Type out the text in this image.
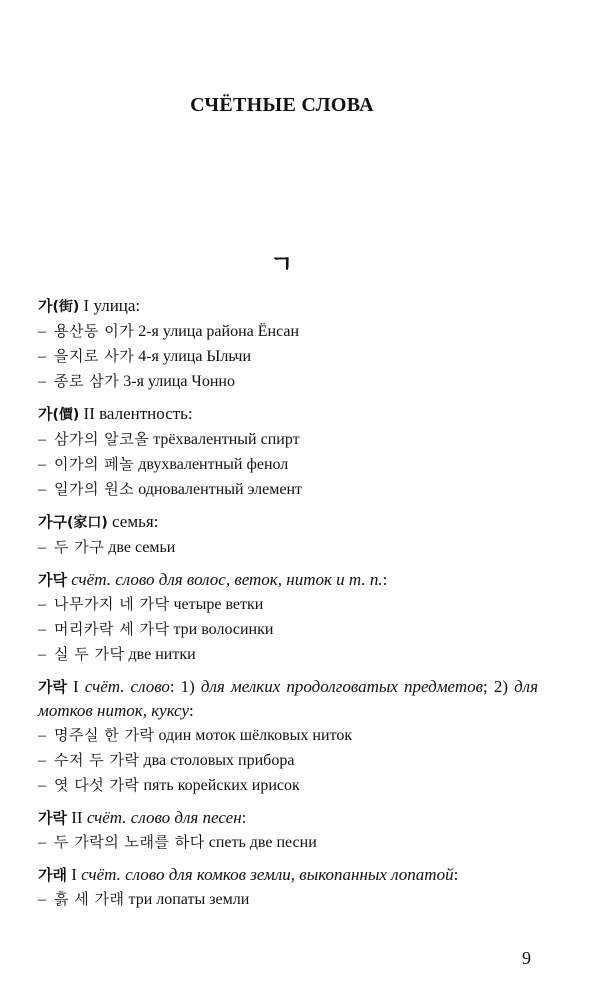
СЧЁТНЫЕ СЛОВА
ㄱ
가(街) I улица:
– 용산동 이가 2-я улица района Ёнсан
– 을지로 사가 4-я улица Ыльчи
– 종로 삼가 3-я улица Чонно
가(價) II валентность:
– 삼가의 알코올 трёхвалентный спирт
– 이가의 페놀 двухвалентный фенол
– 일가의 원소 одновалентный элемент
가구(家口) семья:
– 두 가구 две семьи
가닥 счёт. слово для волос, веток, ниток и т. п.:
– 나무가지 네 가닥 четыре ветки
– 머리카락 세 가닥 три волосинки
– 실 두 가닥 две нитки
가락 I счёт. слово: 1) для мелких продолговатых предметов; 2) для мотков ниток, куксу:
– 명주실 한 가락 один моток шёлковых ниток
– 수저 두 가락 два столовых прибора
– 엿 다섯 가락 пять корейских ирисок
가락 II счёт. слово для песен:
– 두 가락의 노래를 하다 спеть две песни
가래 I счёт. слово для комков земли, выкопанных лопатой:
– 흙 세 가래 три лопаты земли
9
